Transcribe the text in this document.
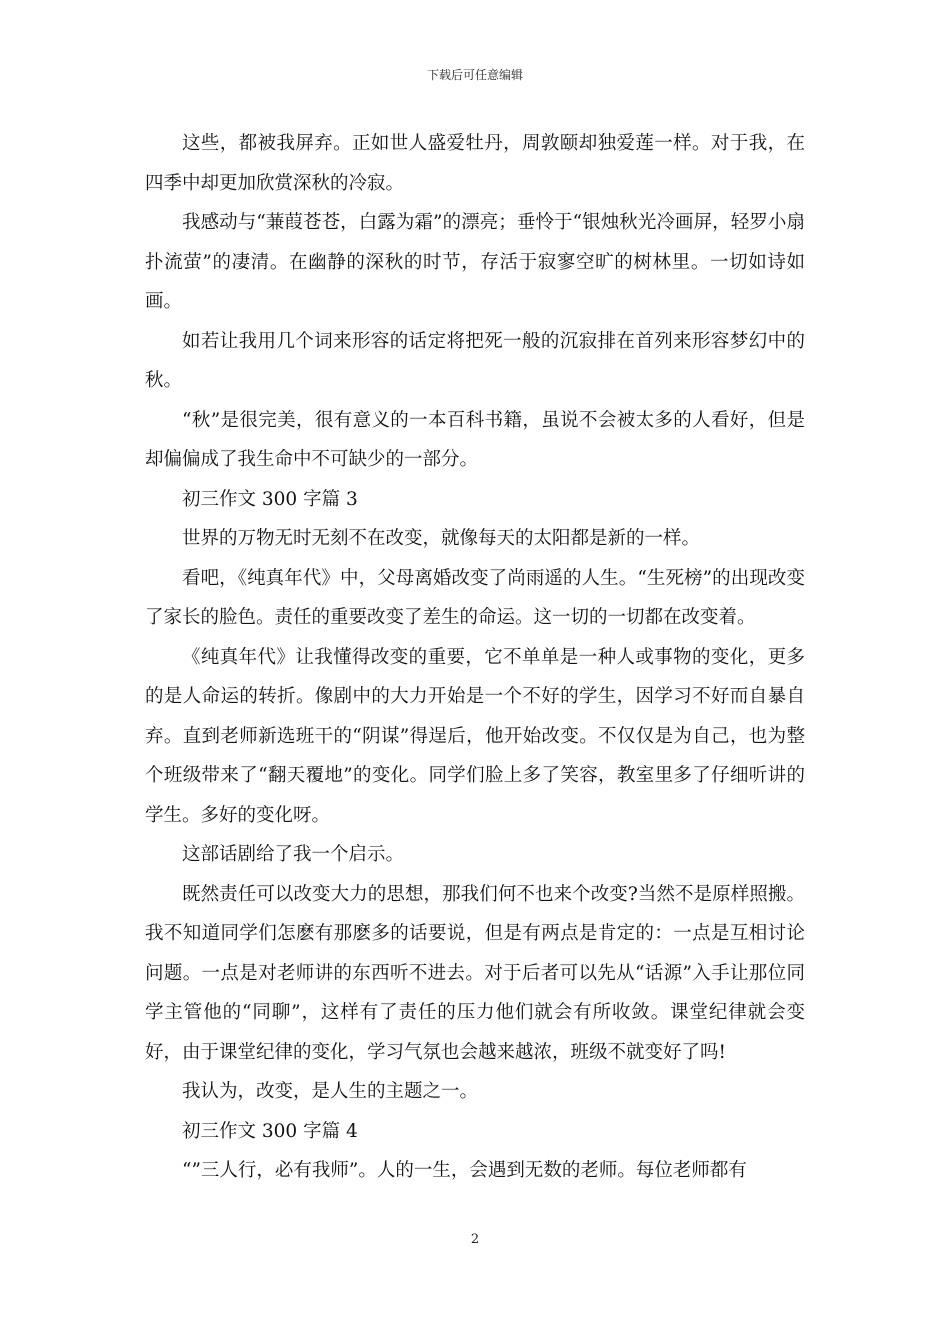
下载后可任意编辑

这些，都被我屏弃。正如世人盛爱牡丹，周敦颐却独爱莲一样。对于我，在四季中却更加欣赏深秋的冷寂。

我感动与“蒹葭苍苍，白露为霜”的漂亮；垂怜于“银烛秋光冷画屏，轻罗小扇扑流萤”的凄清。在幽静的深秋的时节，存活于寂寥空旷的树林里。一切如诗如画。

如若让我用几个词来形容的话定将把死一般的沉寂排在首列来形容梦幻中的秋。

“秋”是很完美，很有意义的一本百科书籍，虽说不会被太多的人看好，但是却偏偏成了我生命中不可缺少的一部分。

初三作文 300 字篇 3

世界的万物无时无刻不在改变，就像每天的太阳都是新的一样。

看吧，《纯真年代》中，父母离婚改变了尚雨遥的人生。“生死榜”的出现改变了家长的脸色。责任的重要改变了差生的命运。这一切的一切都在改变着。

《纯真年代》让我懂得改变的重要，它不单单是一种人或事物的变化，更多的是人命运的转折。像剧中的大力开始是一个不好的学生，因学习不好而自暴自弃。直到老师新选班干的“阴谋”得逞后，他开始改变。不仅仅是为自己，也为整个班级带来了“翻天覆地”的变化。同学们脸上多了笑容，教室里多了仔细听讲的学生。多好的变化呀。

这部话剧给了我一个启示。

既然责任可以改变大力的思想，那我们何不也来个改变?当然不是原样照搬。我不知道同学们怎麽有那麽多的话要说，但是有两点是肯定的：一点是互相讨论问题。一点是对老师讲的东西听不进去。对于后者可以先从“话源”入手让那位同学主管他的“同聊”，这样有了责任的压力他们就会有所收敛。课堂纪律就会变好，由于课堂纪律的变化，学习气氛也会越来越浓，班级不就变好了吗!

我认为，改变，是人生的主题之一。

初三作文 300 字篇 4

“”三人行，必有我师”。人的一生，会遇到无数的老师。每位老师都有

2
